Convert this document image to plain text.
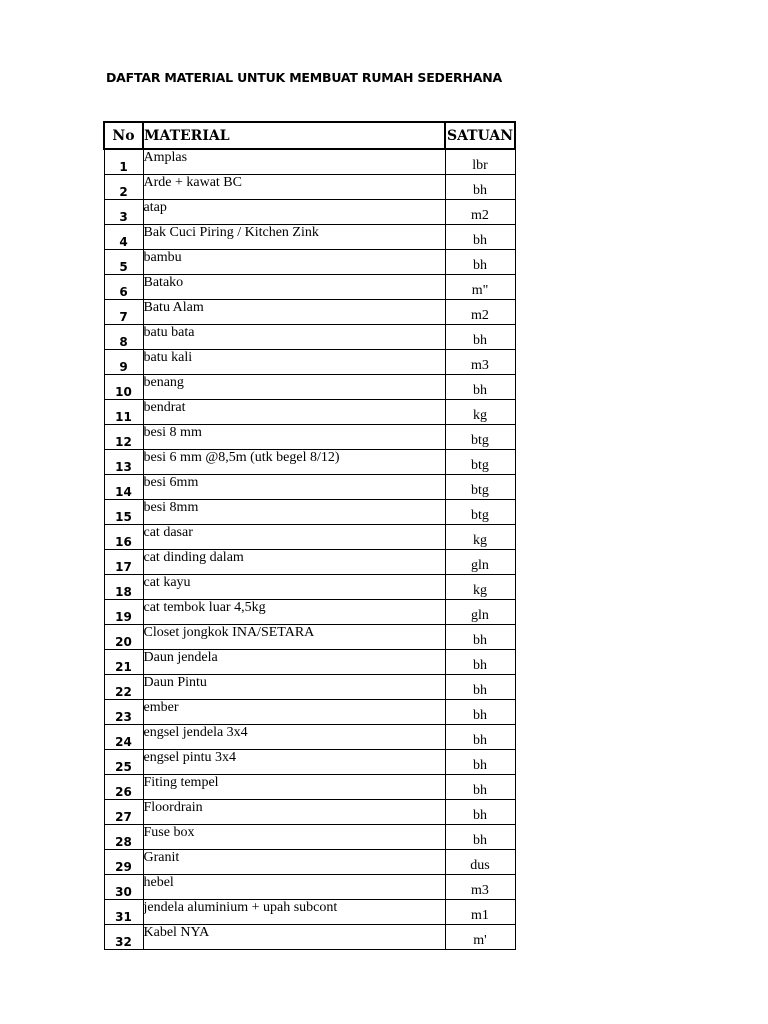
DAFTAR MATERIAL UNTUK MEMBUAT RUMAH SEDERHANA
No	MATERIAL	SATUAN
1	Amplas	lbr
2	Arde + kawat BC	bh
3	atap	m2
4	Bak Cuci Piring / Kitchen Zink	bh
5	bambu	bh
6	Batako	m"
7	Batu Alam	m2
8	batu bata	bh
9	batu kali	m3
10	benang	bh
11	bendrat	kg
12	besi 8 mm	btg
13	besi 6 mm @8,5m (utk begel 8/12)	btg
14	besi 6mm	btg
15	besi 8mm	btg
16	cat dasar	kg
17	cat dinding dalam	gln
18	cat kayu	kg
19	cat tembok luar 4,5kg	gln
20	Closet jongkok INA/SETARA	bh
21	Daun jendela	bh
22	Daun Pintu	bh
23	ember	bh
24	engsel jendela 3x4	bh
25	engsel pintu 3x4	bh
26	Fiting tempel	bh
27	Floordrain	bh
28	Fuse box	bh
29	Granit	dus
30	hebel	m3
31	jendela aluminium + upah subcont	m1
32	Kabel NYA	m'
